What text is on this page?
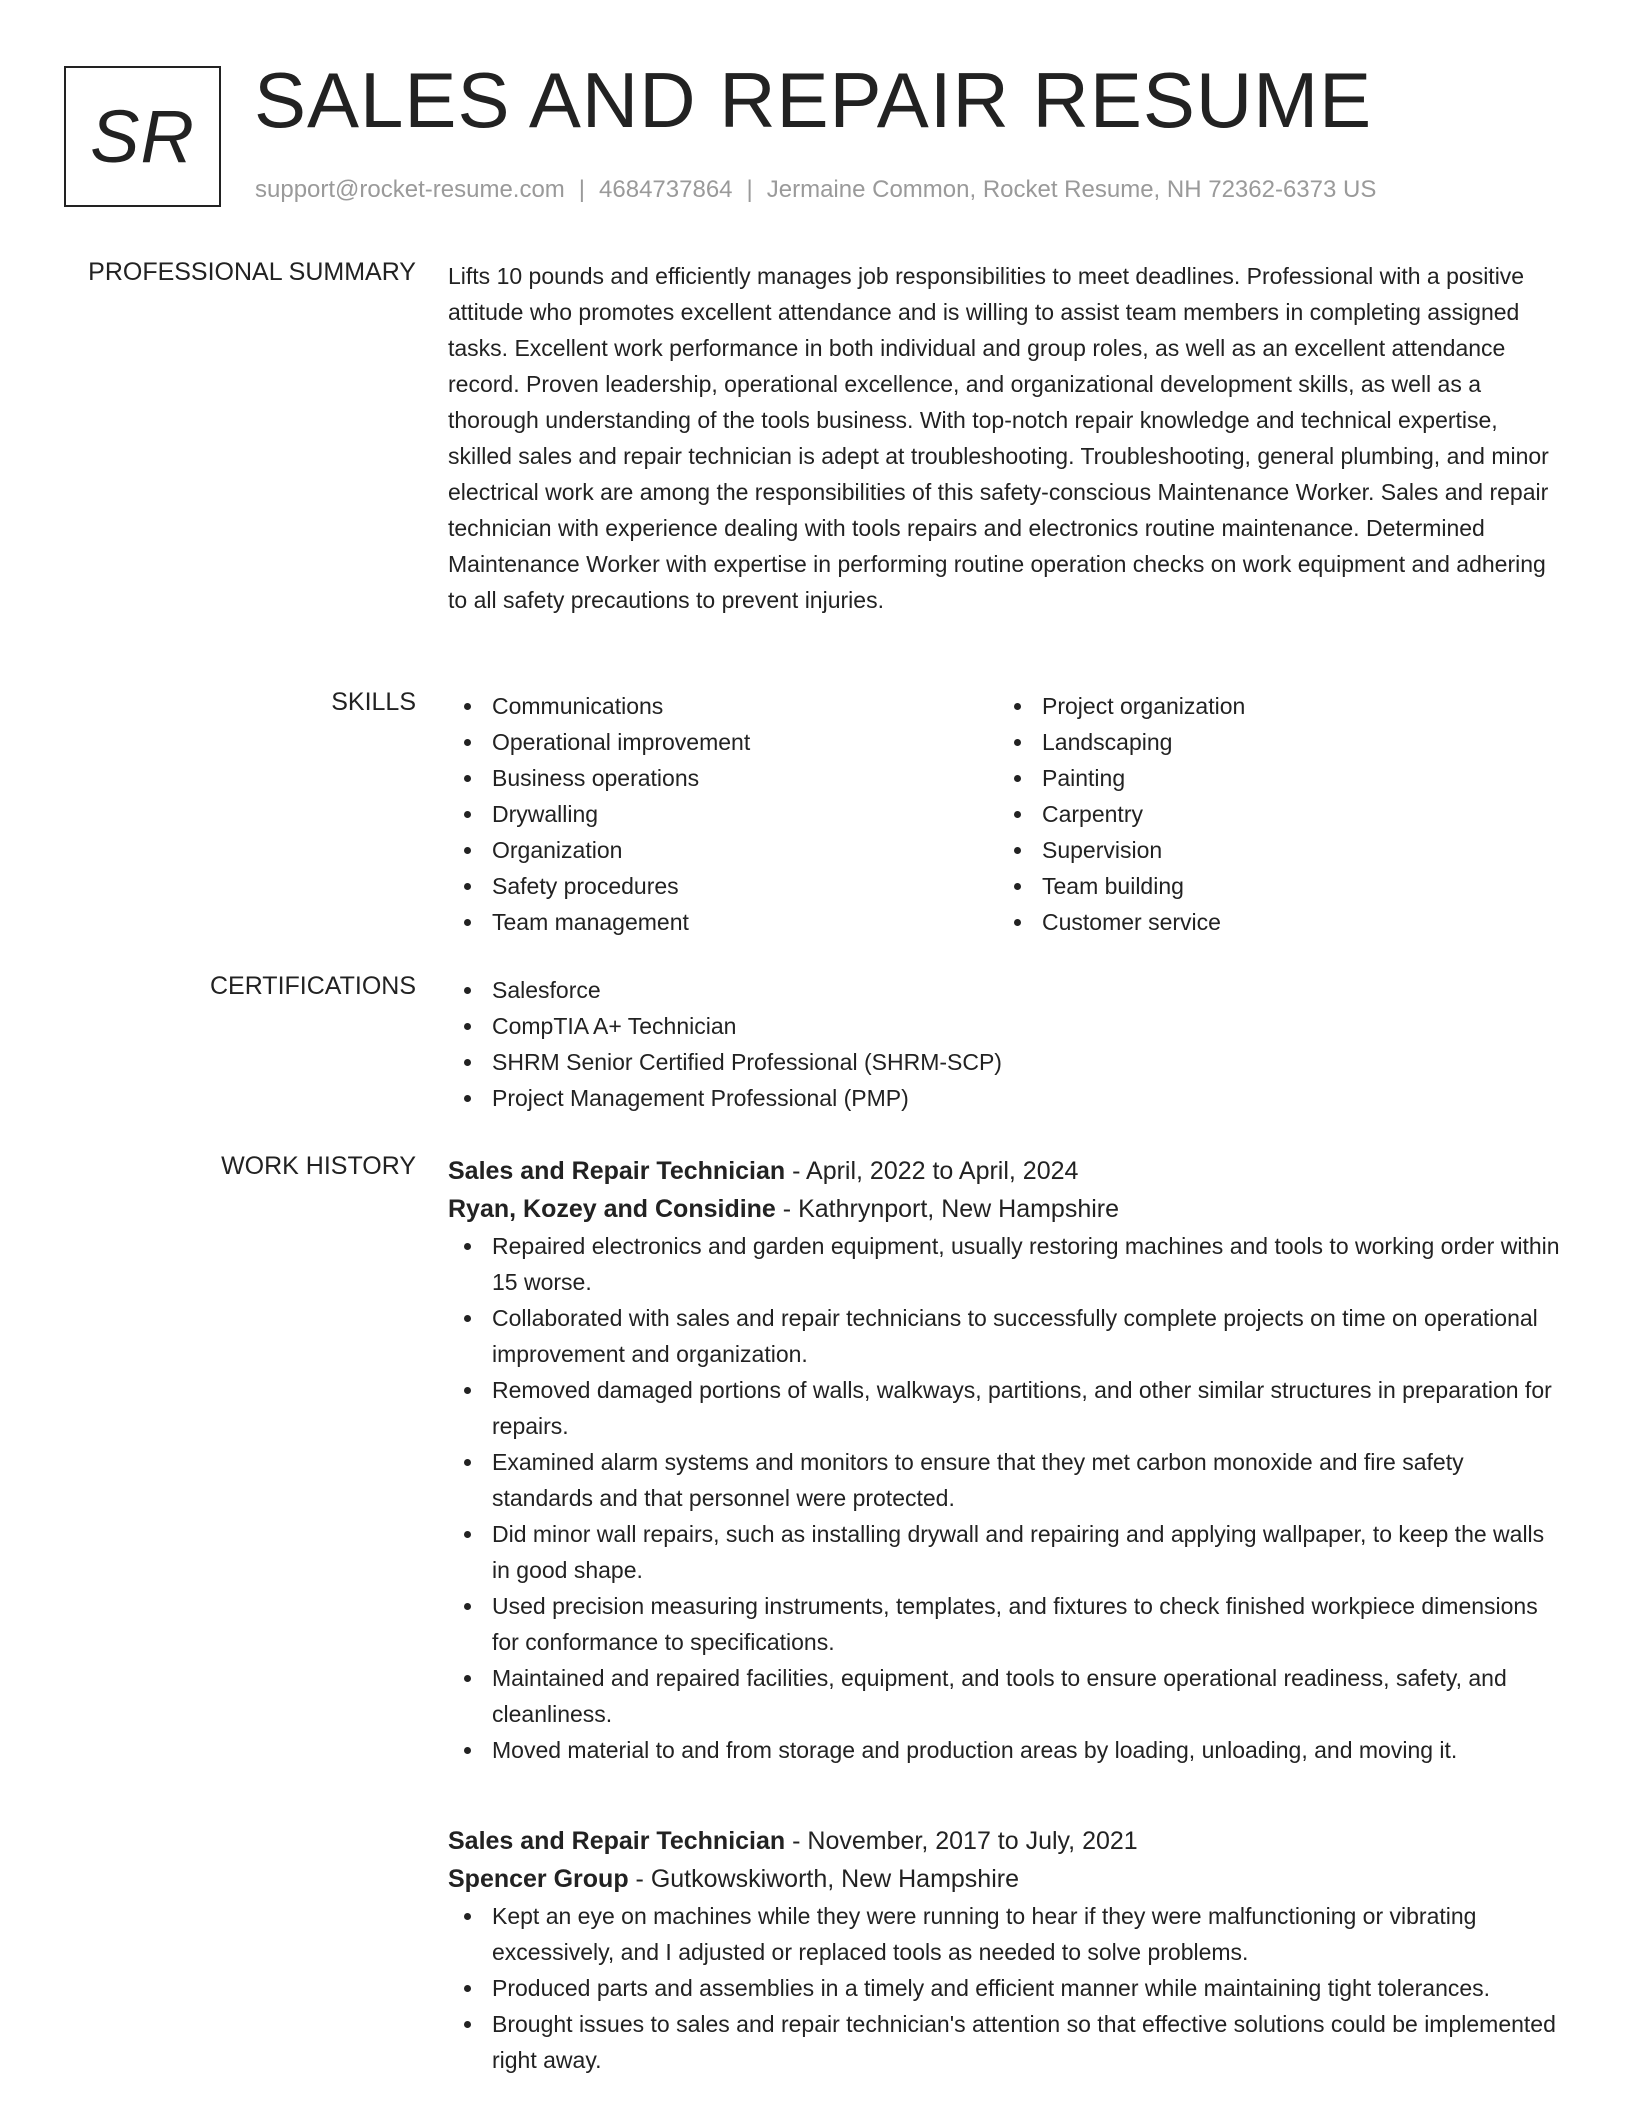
SR SALES AND REPAIR RESUME
support@rocket-resume.com | 4684737864 | Jermaine Common, Rocket Resume, NH 72362-6373 US
PROFESSIONAL SUMMARY Lifts 10 pounds and efficiently manages job responsibilities to meet deadlines. Professional with a positive attitude who promotes excellent attendance and is willing to assist team members in completing assigned tasks. Excellent work performance in both individual and group roles, as well as an excellent attendance record. Proven leadership, operational excellence, and organizational development skills, as well as a thorough understanding of the tools business. With top-notch repair knowledge and technical expertise, skilled sales and repair technician is adept at troubleshooting. Troubleshooting, general plumbing, and minor electrical work are among the responsibilities of this safety-conscious Maintenance Worker. Sales and repair technician with experience dealing with tools repairs and electronics routine maintenance. Determined Maintenance Worker with expertise in performing routine operation checks on work equipment and adhering to all safety precautions to prevent injuries.
SKILLS	Communications
Operational improvement
Business operations
Drywalling
Organization
Safety procedures
Team management
Project organization
Landscaping
Painting
Carpentry
Supervision
Team building
Customer service
CERTIFICATIONS	Salesforce
CompTIA A+ Technician
SHRM Senior Certified Professional (SHRM-SCP)
Project Management Professional (PMP)
WORK HISTORY Sales and Repair Technician - April, 2022 to April, 2024
Ryan, Kozey and Considine - Kathrynport, New Hampshire
Repaired electronics and garden equipment, usually restoring machines and tools to working order within 15 worse.
Collaborated with sales and repair technicians to successfully complete projects on time on operational improvement and organization.
Removed damaged portions of walls, walkways, partitions, and other similar structures in preparation for repairs.
Examined alarm systems and monitors to ensure that they met carbon monoxide and fire safety standards and that personnel were protected.
Did minor wall repairs, such as installing drywall and repairing and applying wallpaper, to keep the walls in good shape.
Used precision measuring instruments, templates, and fixtures to check finished workpiece dimensions for conformance to specifications.
Maintained and repaired facilities, equipment, and tools to ensure operational readiness, safety, and cleanliness.
Moved material to and from storage and production areas by loading, unloading, and moving it.
Sales and Repair Technician - November, 2017 to July, 2021
Spencer Group - Gutkowskiworth, New Hampshire
Kept an eye on machines while they were running to hear if they were malfunctioning or vibrating excessively, and I adjusted or replaced tools as needed to solve problems.
Produced parts and assemblies in a timely and efficient manner while maintaining tight tolerances.
Brought issues to sales and repair technician's attention so that effective solutions could be implemented right away.
